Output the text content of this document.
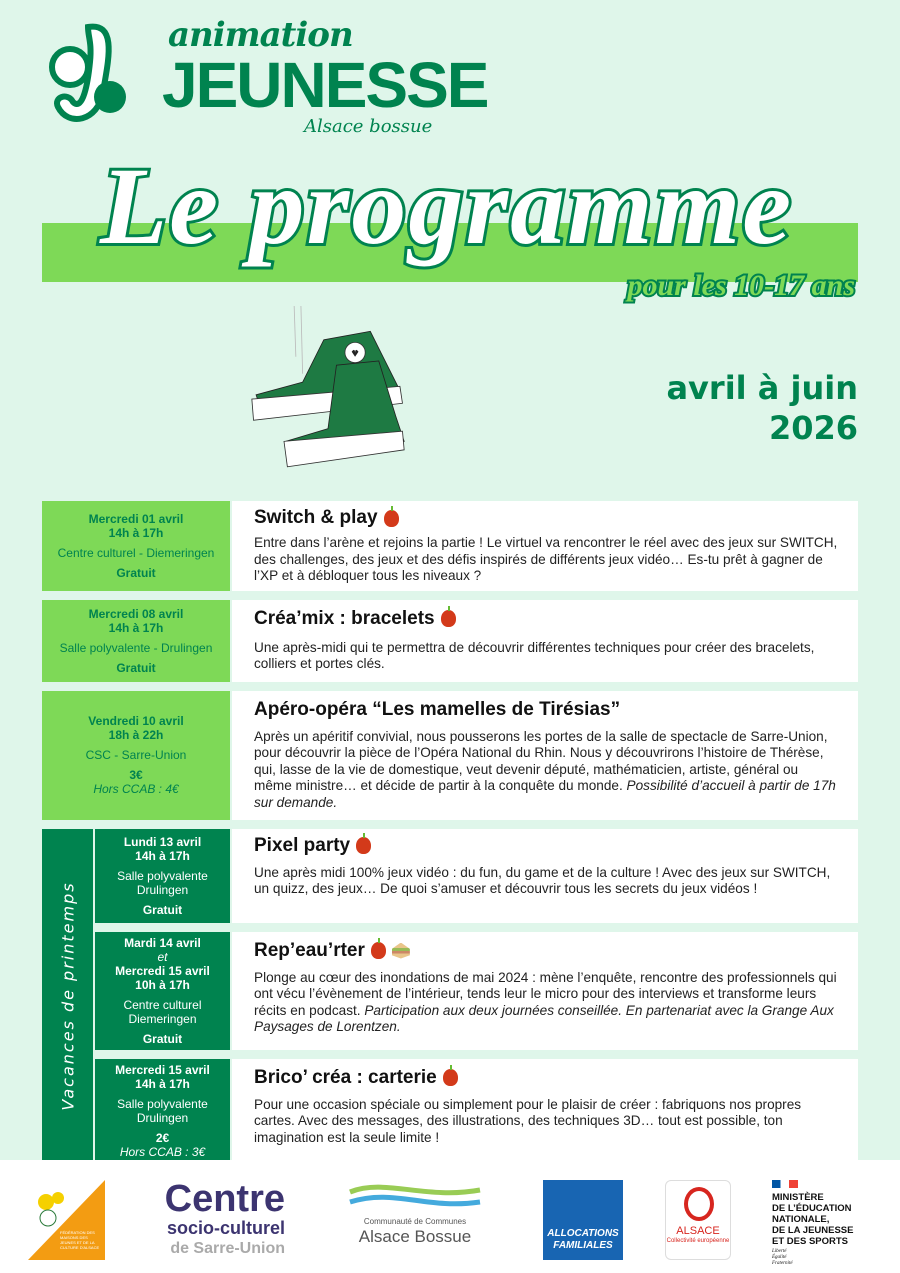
animation
JEUNESSE
Alsace bossue
Le programme
pour les 10-17 ans
avril à juin
2026
Mercredi 01 avril
14h à 17h
Centre culturel - Diemeringen
Gratuit
Switch & play

Entre dans l’arène et rejoins la partie ! Le virtuel va rencontrer le réel avec des jeux sur SWITCH, des challenges, des jeux et des défis inspirés de différents jeux vidéo… Es-tu prêt à gagner de l’XP et à débloquer tous les niveaux ?

Mercredi 08 avril
14h à 17h
Salle polyvalente - Drulingen
Gratuit
Créa’mix : bracelets

Une après-midi qui te permettra de découvrir différentes techniques pour créer des bracelets, colliers et portes clés.

Vendredi 10 avril
18h à 22h
CSC - Sarre-Union
3€
Hors CCAB : 4€
Apéro-opéra “Les mamelles de Tirésias”

Après un apéritif convivial, nous pousserons les portes de la salle de spectacle de Sarre-Union, pour découvrir la pièce de l’Opéra National du Rhin. Nous y découvrirons l’histoire de Thérèse, qui, lasse de la vie de domestique, veut devenir député, mathématicien, artiste, général ou même ministre… et décide de partir à la conquête du monde. Possibilité d’accueil à partir de 17h sur demande.

Vacances de printemps
Lundi 13 avril
14h à 17h
Salle polyvalente
Drulingen
Gratuit
Pixel party

Une après midi 100% jeux vidéo : du fun, du game et de la culture ! Avec des jeux sur SWITCH, un quizz, des jeux… De quoi s’amuser et découvrir tous les secrets du jeux vidéos !

Mardi 14 avril
et
Mercredi 15 avril
10h à 17h
Centre culturel
Diemeringen
Gratuit
Rep’eau’rter

Plonge au cœur des inondations de mai 2024 : mène l’enquête, rencontre des professionnels qui ont vécu l’évènement de l’intérieur, tends leur le micro pour des interviews et transforme leurs récits en podcast. Participation aux deux journées conseillée. En partenariat avec la Grange Aux Paysages de Lorentzen.

Mercredi 15 avril
14h à 17h
Salle polyvalente
Drulingen
2€
Hors CCAB : 3€
Brico’ créa : carterie

Pour une occasion spéciale ou simplement pour le plaisir de créer : fabriquons nos propres cartes. Avec des messages, des illustrations, des techniques 3D… tout est possible, ton imagination est la seule limite !

FÉDÉRATION DES MAISONS DES JEUNES ET DE LA CULTURE D'ALSACE
Centre
socio-culturel
de Sarre-Union
Communauté de Communes
Alsace Bossue	ALLOCATIONS
FAMILIALES
ALSACE
Collectivité européenne
MINISTÈRE
DE L’ÉDUCATION
NATIONALE,
DE LA JEUNESSE
ET DES SPORTS
Liberté Égalité Fraternité
